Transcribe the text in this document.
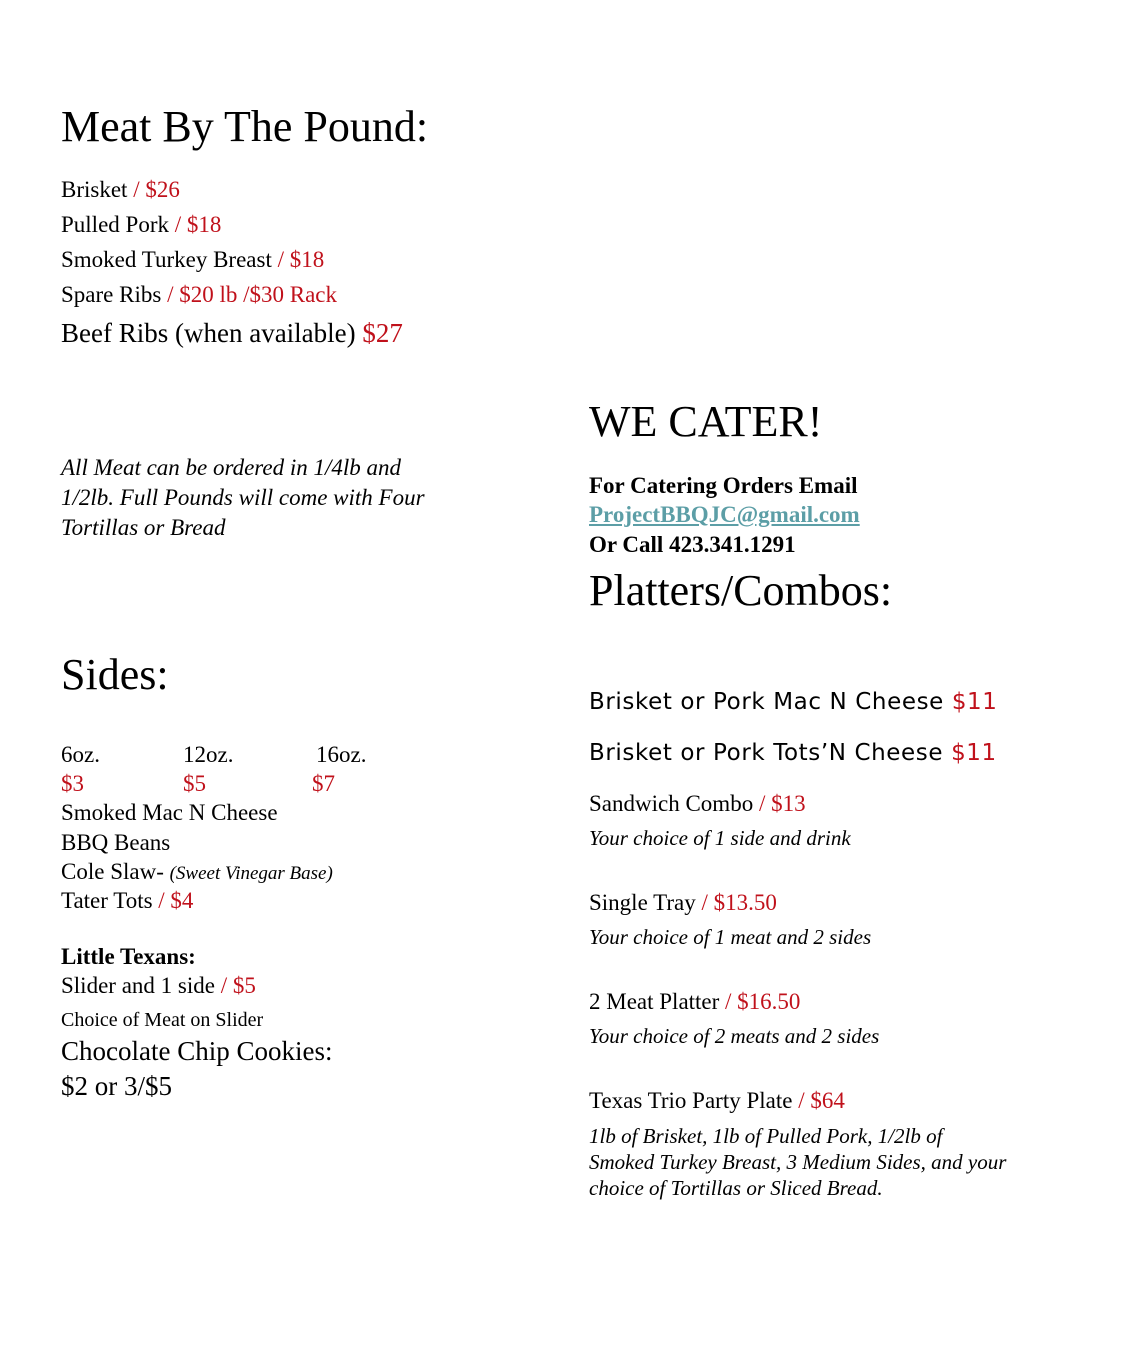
Meat By The Pound:
Brisket / $26
Pulled Pork / $18
Smoked Turkey Breast / $18
Spare Ribs / $20 lb /$30 Rack
Beef Ribs (when available) $27
All Meat can be ordered in 1/4lb and
1/2lb. Full Pounds will come with Four
Tortillas or Bread
Sides:
6oz.	12oz.	16oz.
$3	$5	$7
Smoked Mac N Cheese
BBQ Beans
Cole Slaw- (Sweet Vinegar Base)
Tater Tots / $4
Little Texans:
Slider and 1 side / $5
Choice of Meat on Slider
Chocolate Chip Cookies:
$2 or 3/$5
WE CATER!
For Catering Orders Email
ProjectBBQJC@gmail.com
Or Call 423.341.1291
Platters/Combos:
Brisket or Pork Mac N Cheese $11
Brisket or Pork Tots’N Cheese $11
Sandwich Combo / $13
Your choice of 1 side and drink
Single Tray / $13.50
Your choice of 1 meat and 2 sides
2 Meat Platter / $16.50
Your choice of 2 meats and 2 sides
Texas Trio Party Plate / $64
1lb of Brisket, 1lb of Pulled Pork, 1/2lb of
Smoked Turkey Breast, 3 Medium Sides, and your
choice of Tortillas or Sliced Bread.
